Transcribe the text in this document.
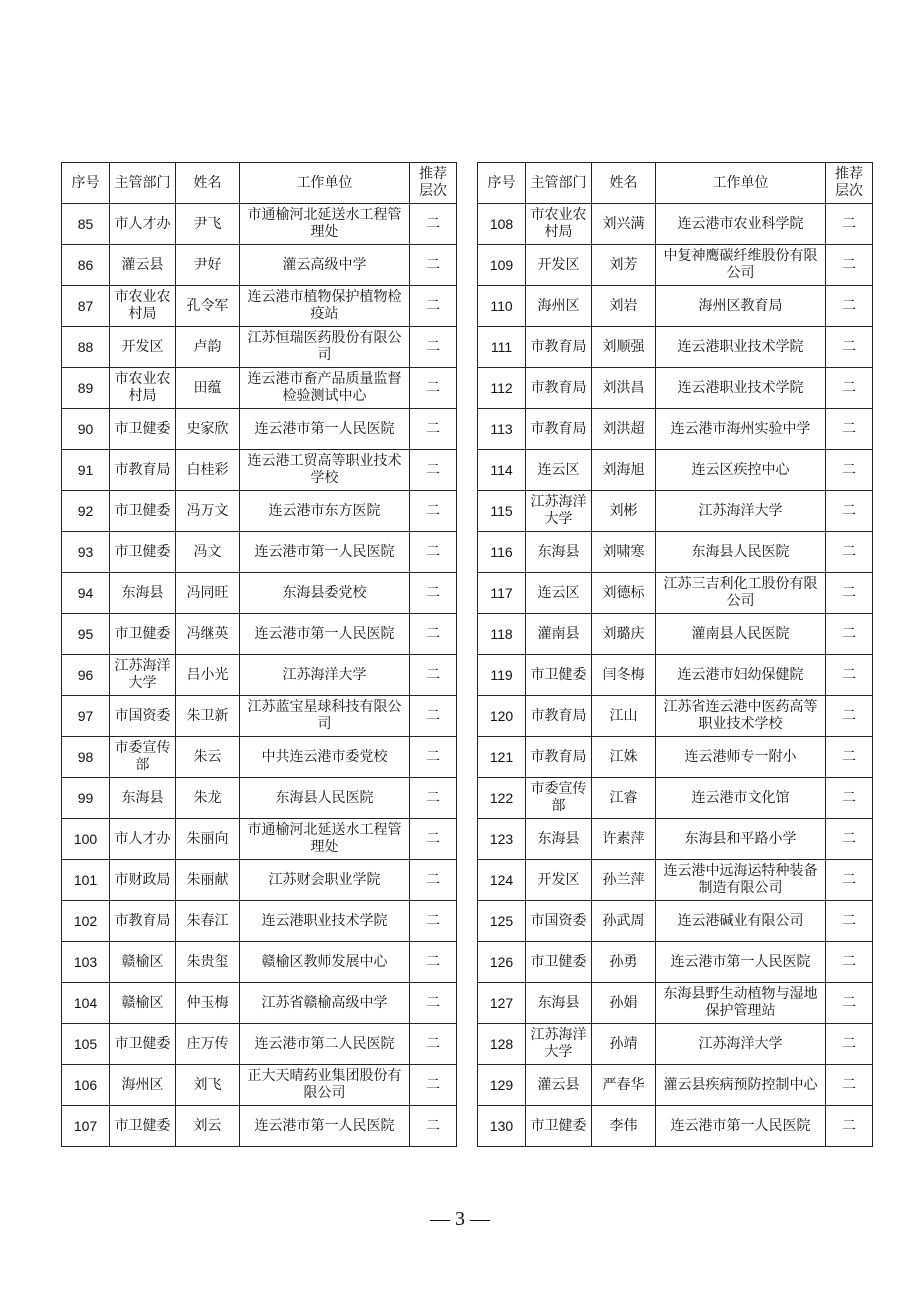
序号	主管部门	姓名	工作单位	推荐层次
85	市人才办	尹飞	市通榆河北延送水工程管理处	二
86	灌云县	尹好	灌云高级中学	二
87	市农业农村局	孔令军	连云港市植物保护植物检疫站	二
88	开发区	卢韵	江苏恒瑞医药股份有限公司	二
89	市农业农村局	田蕴	连云港市畜产品质量监督检验测试中心	二
90	市卫健委	史家欣	连云港市第一人民医院	二
91	市教育局	白桂彩	连云港工贸高等职业技术学校	二
92	市卫健委	冯万文	连云港市东方医院	二
93	市卫健委	冯文	连云港市第一人民医院	二
94	东海县	冯同旺	东海县委党校	二
95	市卫健委	冯继英	连云港市第一人民医院	二
96	江苏海洋大学	吕小光	江苏海洋大学	二
97	市国资委	朱卫新	江苏蓝宝星球科技有限公司	二
98	市委宣传部	朱云	中共连云港市委党校	二
99	东海县	朱龙	东海县人民医院	二
100	市人才办	朱丽向	市通榆河北延送水工程管理处	二
101	市财政局	朱丽献	江苏财会职业学院	二
102	市教育局	朱春江	连云港职业技术学院	二
103	赣榆区	朱贵玺	赣榆区教师发展中心	二
104	赣榆区	仲玉梅	江苏省赣榆高级中学	二
105	市卫健委	庄万传	连云港市第二人民医院	二
106	海州区	刘飞	正大天晴药业集团股份有限公司	二
107	市卫健委	刘云	连云港市第一人民医院	二
序号	主管部门	姓名	工作单位	推荐层次
108	市农业农村局	刘兴满	连云港市农业科学院	二
109	开发区	刘芳	中复神鹰碳纤维股份有限公司	二
110	海州区	刘岩	海州区教育局	二
111	市教育局	刘顺强	连云港职业技术学院	二
112	市教育局	刘洪昌	连云港职业技术学院	二
113	市教育局	刘洪超	连云港市海州实验中学	二
114	连云区	刘海旭	连云区疾控中心	二
115	江苏海洋大学	刘彬	江苏海洋大学	二
116	东海县	刘啸寒	东海县人民医院	二
117	连云区	刘德标	江苏三吉利化工股份有限公司	二
118	灌南县	刘璐庆	灌南县人民医院	二
119	市卫健委	闫冬梅	连云港市妇幼保健院	二
120	市教育局	江山	江苏省连云港中医药高等职业技术学校	二
121	市教育局	江姝	连云港师专一附小	二
122	市委宣传部	江睿	连云港市文化馆	二
123	东海县	许素萍	东海县和平路小学	二
124	开发区	孙兰萍	连云港中远海运特种装备制造有限公司	二
125	市国资委	孙武周	连云港碱业有限公司	二
126	市卫健委	孙勇	连云港市第一人民医院	二
127	东海县	孙娟	东海县野生动植物与湿地保护管理站	二
128	江苏海洋大学	孙靖	江苏海洋大学	二
129	灌云县	严春华	灌云县疾病预防控制中心	二
130	市卫健委	李伟	连云港市第一人民医院	二
— 3 —
